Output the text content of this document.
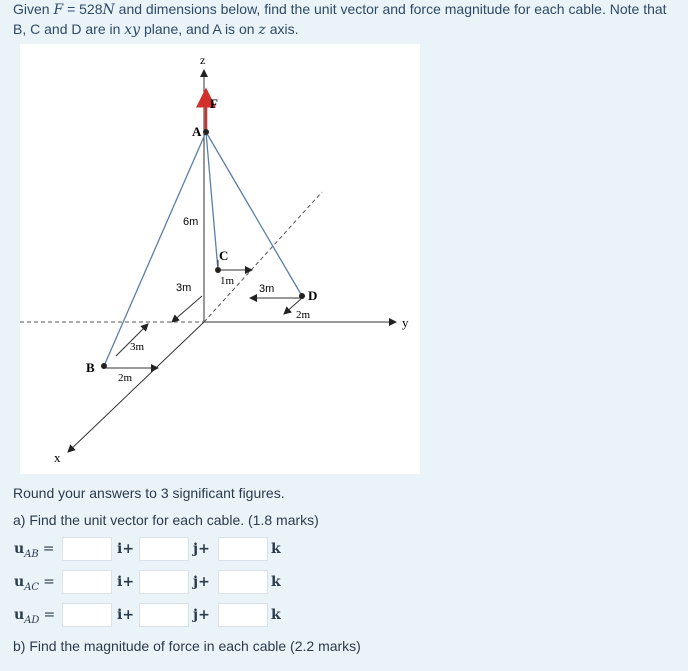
Given F = 528N and dimensions below, find the unit vector and force magnitude for each cable. Note that B, C and D are in xy plane, and A is on z axis.
z
y
x
F
A
B
C
D
6m
3m
1m
3m
2m
3m
2m
Round your answers to 3 significant figures.
a) Find the unit vector for each cable. (1.8 marks)
$u_{AB}$ =	i+	j+	k
$u_{AC}$ =	i+	j+	k
$u_{AD}$ =	i+	j+	k
b) Find the magnitude of force in each cable (2.2 marks)
